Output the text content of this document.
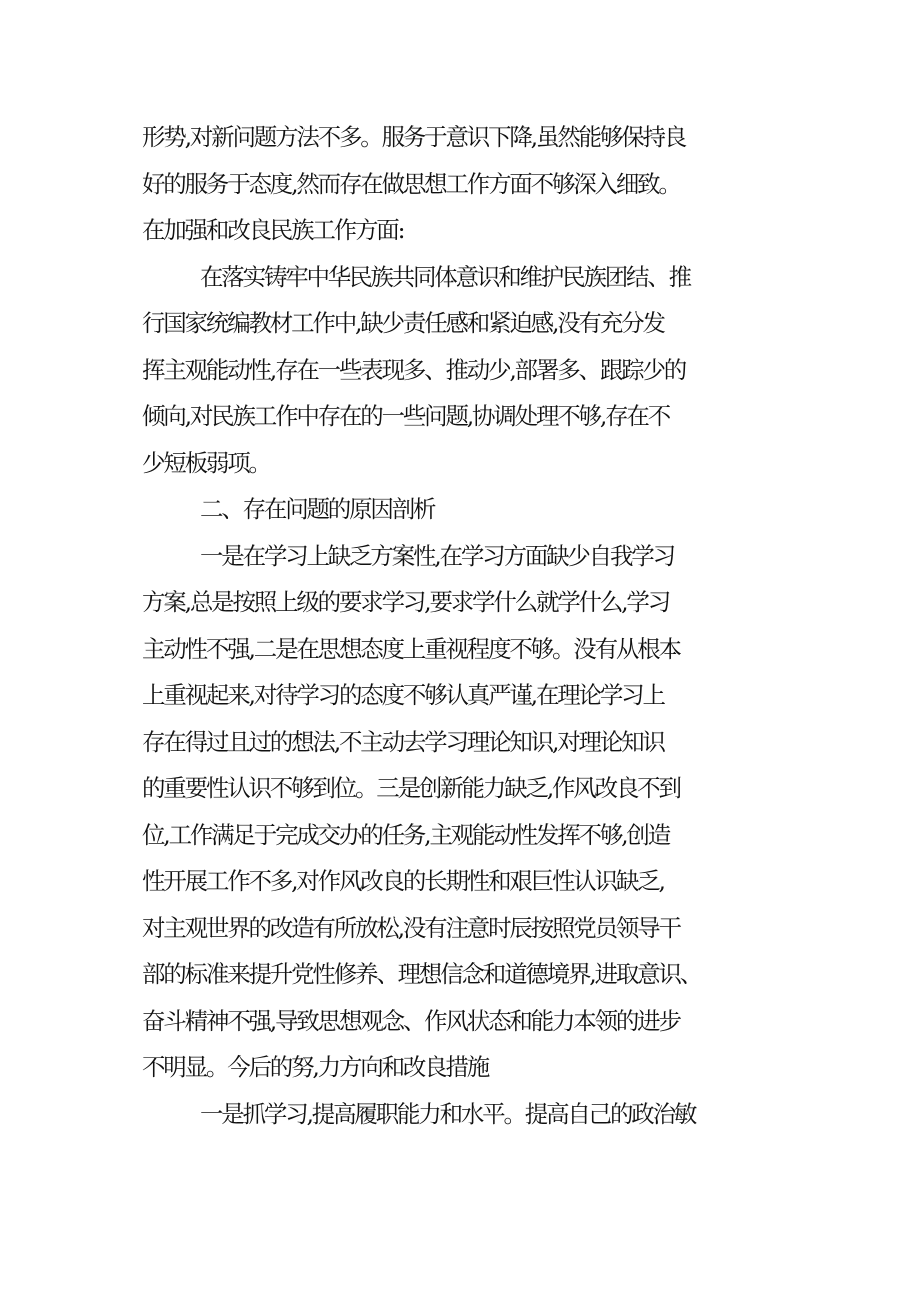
形势,对新问题方法不多。服务于意识下降,虽然能够保持良
好的服务于态度,然而存在做思想工作方面不够深入细致。
在加强和改良民族工作方面:
在落实铸牢中华民族共同体意识和维护民族团结、推
行国家统编教材工作中,缺少责任感和紧迫感,没有充分发
挥主观能动性,存在一些表现多、推动少,部署多、跟踪少的
倾向,对民族工作中存在的一些问题,协调处理不够,存在不
少短板弱项。
二、存在问题的原因剖析
一是在学习上缺乏方案性,在学习方面缺少自我学习
方案,总是按照上级的要求学习,要求学什么就学什么,学习
主动性不强,二是在思想态度上重视程度不够。没有从根本
上重视起来,对待学习的态度不够认真严谨,在理论学习上
存在得过且过的想法,不主动去学习理论知识,对理论知识
的重要性认识不够到位。三是创新能力缺乏,作风改良不到
位,工作满足于完成交办的任务,主观能动性发挥不够,创造
性开展工作不多,对作风改良的长期性和艰巨性认识缺乏,
对主观世界的改造有所放松,没有注意时辰按照党员领导干
部的标准来提升党性修养、理想信念和道德境界,进取意识、
奋斗精神不强,导致思想观念、作风状态和能力本领的进步
不明显。今后的努,力方向和改良措施
一是抓学习,提高履职能力和水平。提高自己的政治敏
